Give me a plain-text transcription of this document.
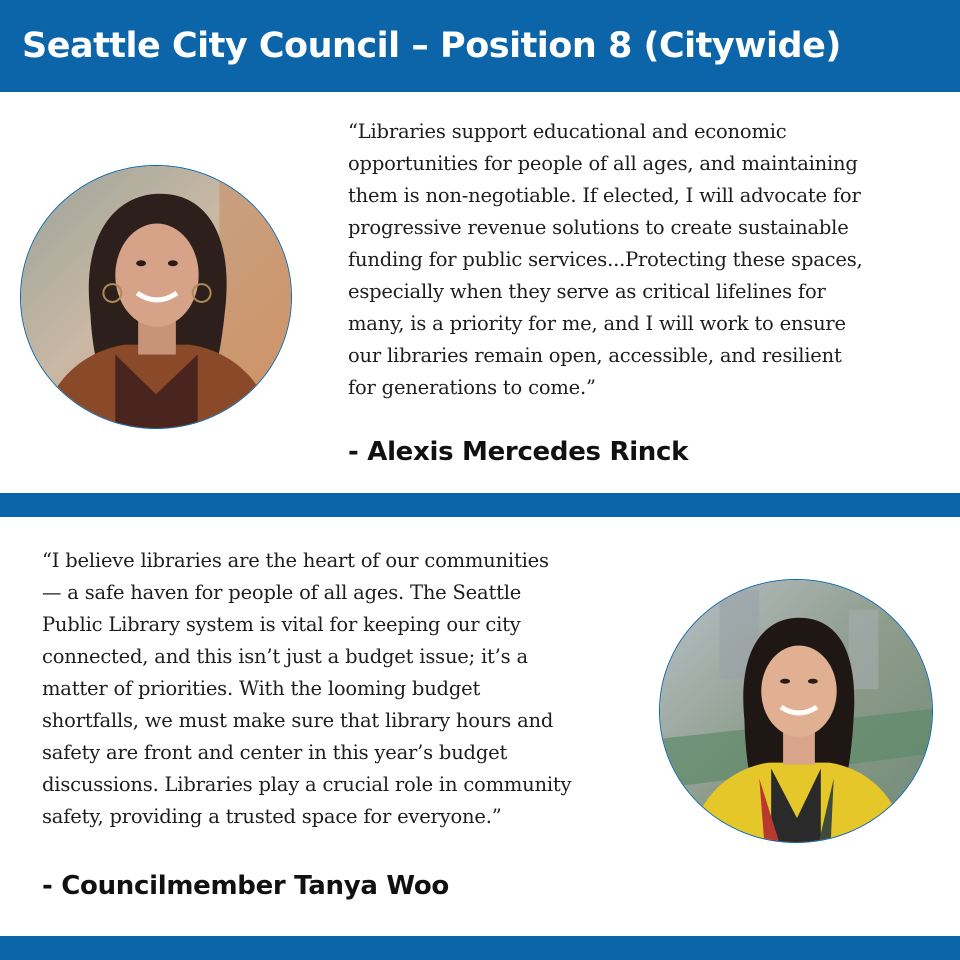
Seattle City Council – Position 8 (Citywide)
“Libraries support educational and economic
opportunities for people of all ages, and maintaining
them is non-negotiable. If elected, I will advocate for
progressive revenue solutions to create sustainable
funding for public services...Protecting these spaces,
especially when they serve as critical lifelines for
many, is a priority for me, and I will work to ensure
our libraries remain open, accessible, and resilient
for generations to come.”

- Alexis Mercedes Rinck

“I believe libraries are the heart of our communities
— a safe haven for people of all ages. The Seattle
Public Library system is vital for keeping our city
connected, and this isn’t just a budget issue; it’s a
matter of priorities. With the looming budget
shortfalls, we must make sure that library hours and
safety are front and center in this year’s budget
discussions. Libraries play a crucial role in community
safety, providing a trusted space for everyone.”

- Councilmember Tanya Woo
